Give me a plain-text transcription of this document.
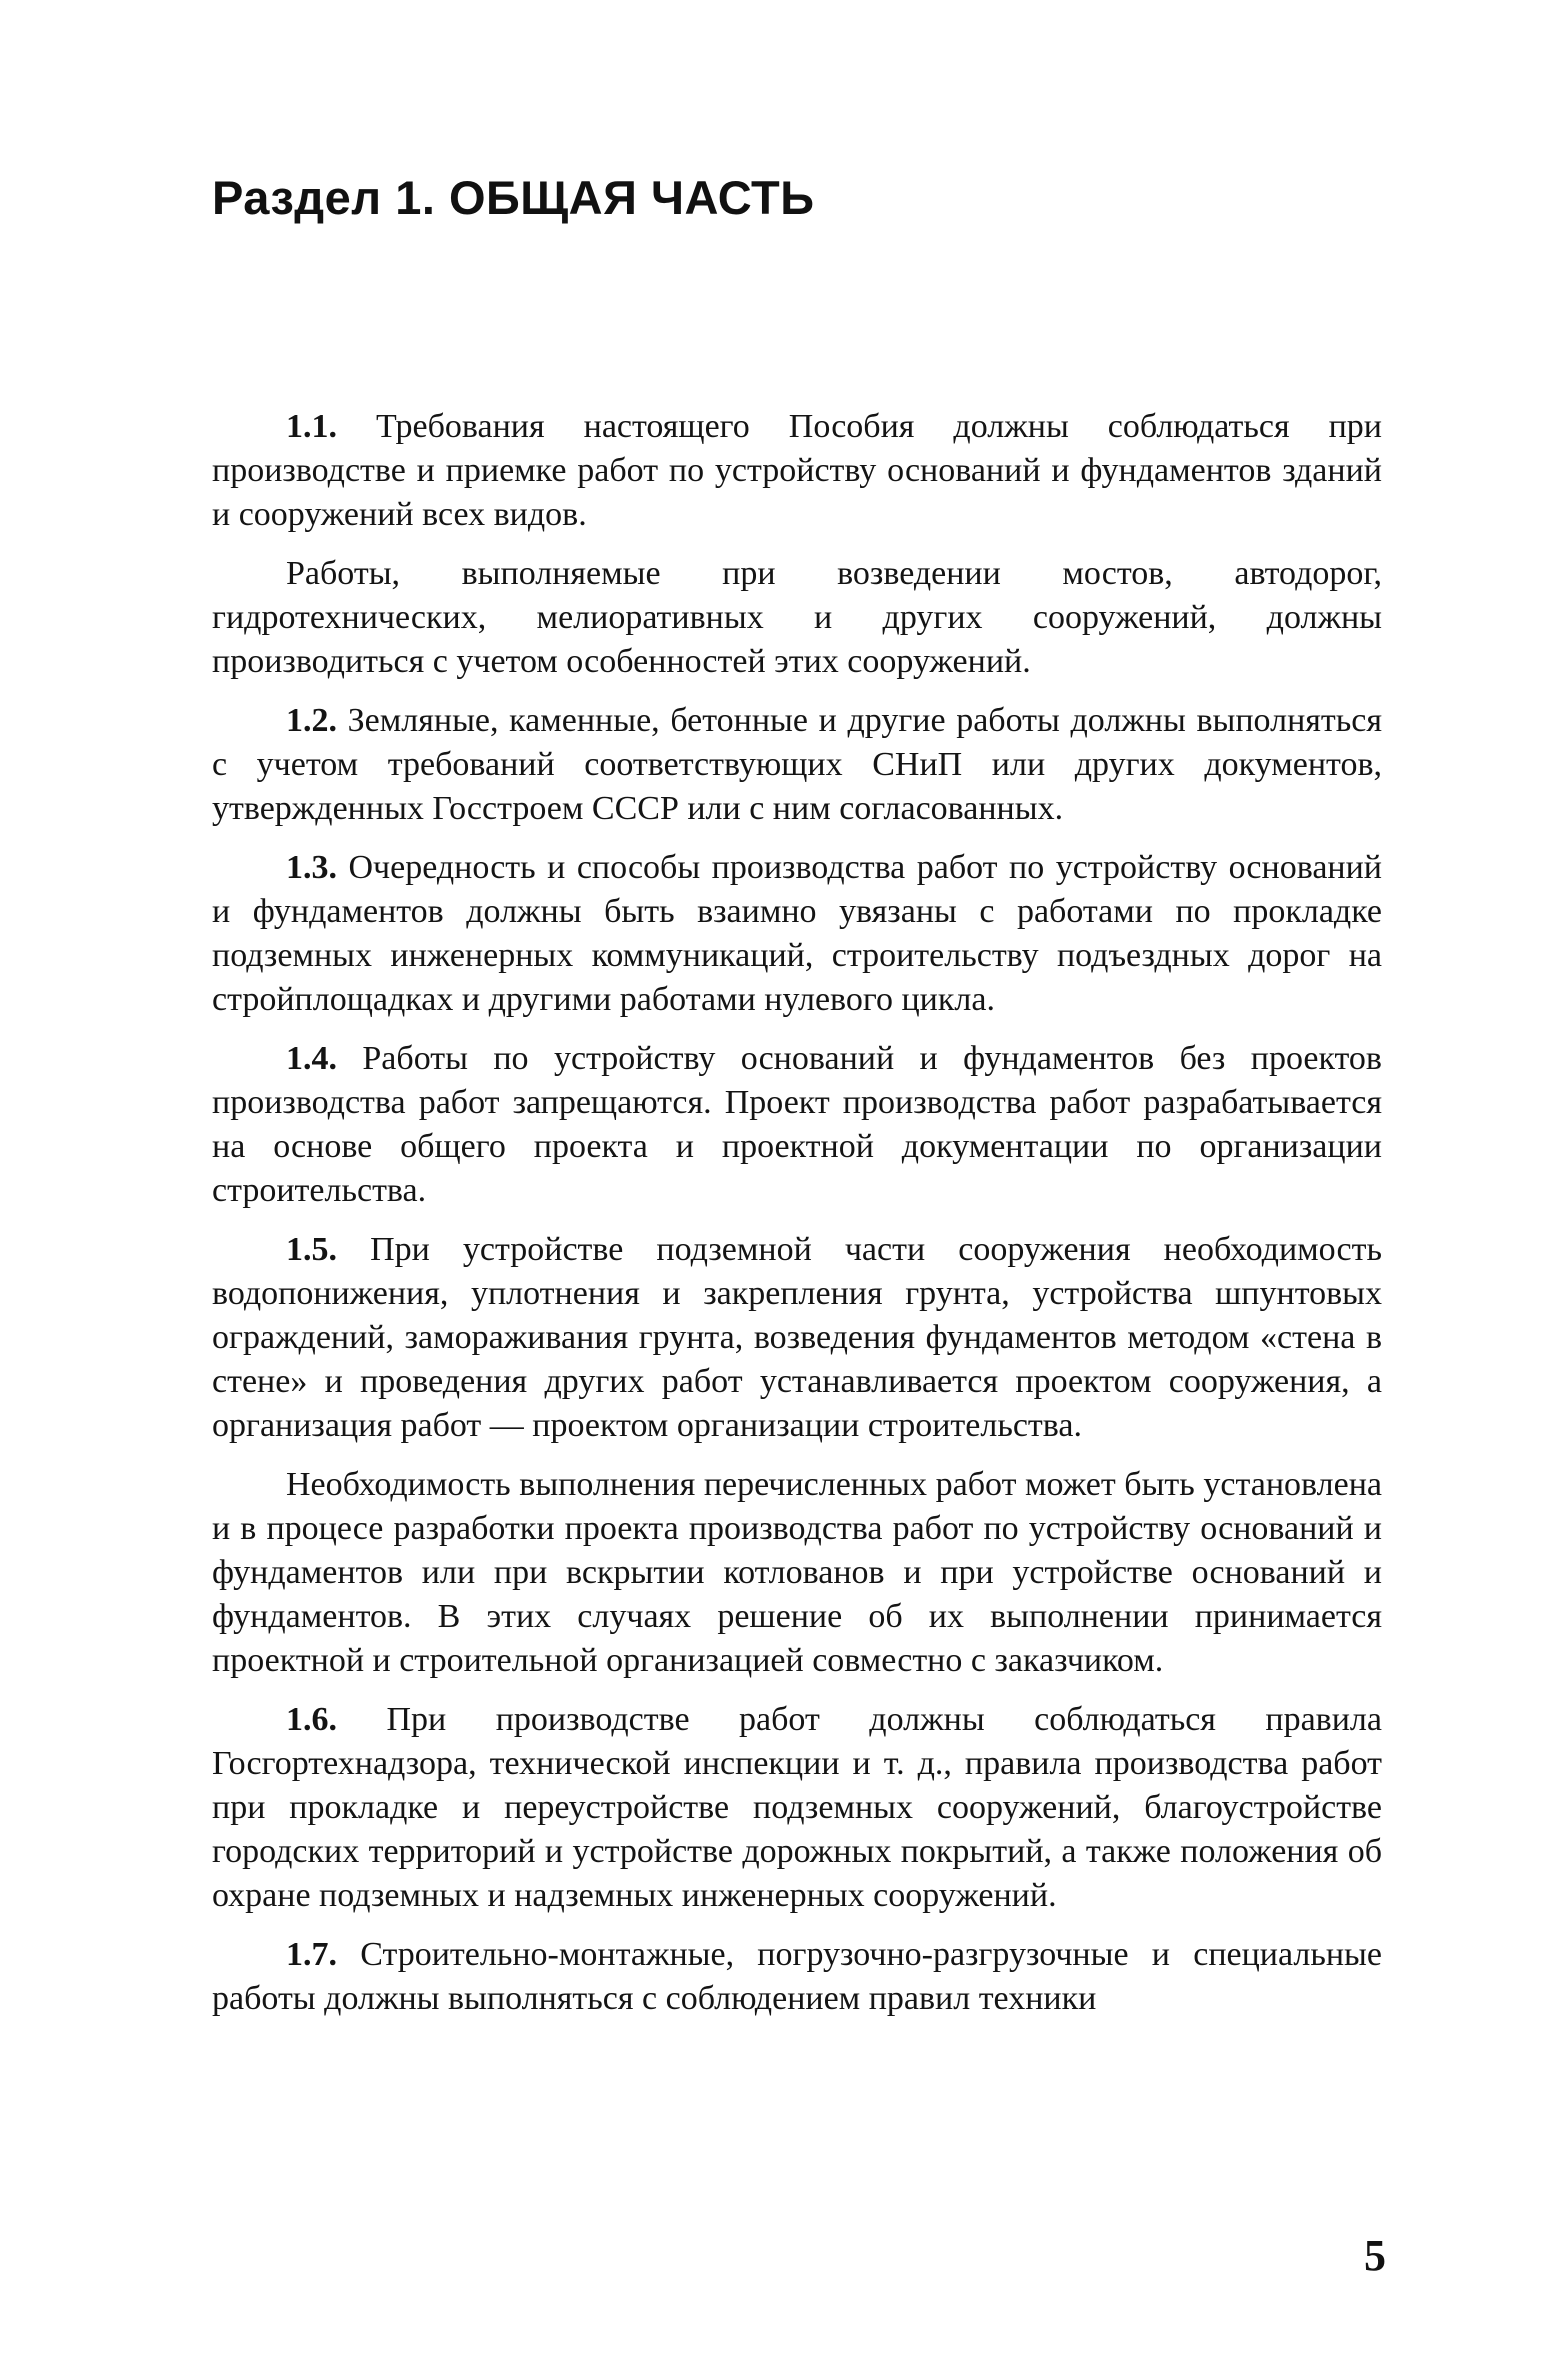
Раздел 1. ОБЩАЯ ЧАСТЬ

1.1. Требования настоящего Пособия должны соблюдаться при производстве и приемке работ по устройству оснований и фундаментов зданий и сооружений всех видов.

Работы, выполняемые при возведении мостов, автодорог, гидротехнических, мелиоративных и других сооружений, должны производиться с учетом особенностей этих сооружений.

1.2. Земляные, каменные, бетонные и другие работы должны выполняться с учетом требований соответствующих СНиП или других документов, утвержденных Госстроем СССР или с ним согласованных.

1.3. Очередность и способы производства работ по устройству оснований и фундаментов должны быть взаимно увязаны с работами по прокладке подземных инженерных коммуникаций, строительству подъездных дорог на стройплощадках и другими работами нулевого цикла.

1.4. Работы по устройству оснований и фундаментов без проектов производства работ запрещаются. Проект производства работ разрабатывается на основе общего проекта и проектной документации по организации строительства.

1.5. При устройстве подземной части сооружения необходимость водопонижения, уплотнения и закрепления грунта, устройства шпунтовых ограждений, замораживания грунта, возведения фундаментов методом «стена в стене» и проведения других работ устанавливается проектом сооружения, а организация работ — проектом организации строительства.

Необходимость выполнения перечисленных работ может быть установлена и в процесе разработки проекта производства работ по устройству оснований и фундаментов или при вскрытии котлованов и при устройстве оснований и фундаментов. В этих случаях решение об их выполнении принимается проектной и строительной организацией совместно с заказчиком.

1.6. При производстве работ должны соблюдаться правила Госгортехнадзора, технической инспекции и т. д., правила производства работ при прокладке и переустройстве подземных сооружений, благоустройстве городских территорий и устройстве дорожных покрытий, а также положения об охране подземных и надземных инженерных сооружений.

1.7. Строительно-монтажные, погрузочно-разгрузочные и специальные работы должны выполняться с соблюдением правил техники

5
